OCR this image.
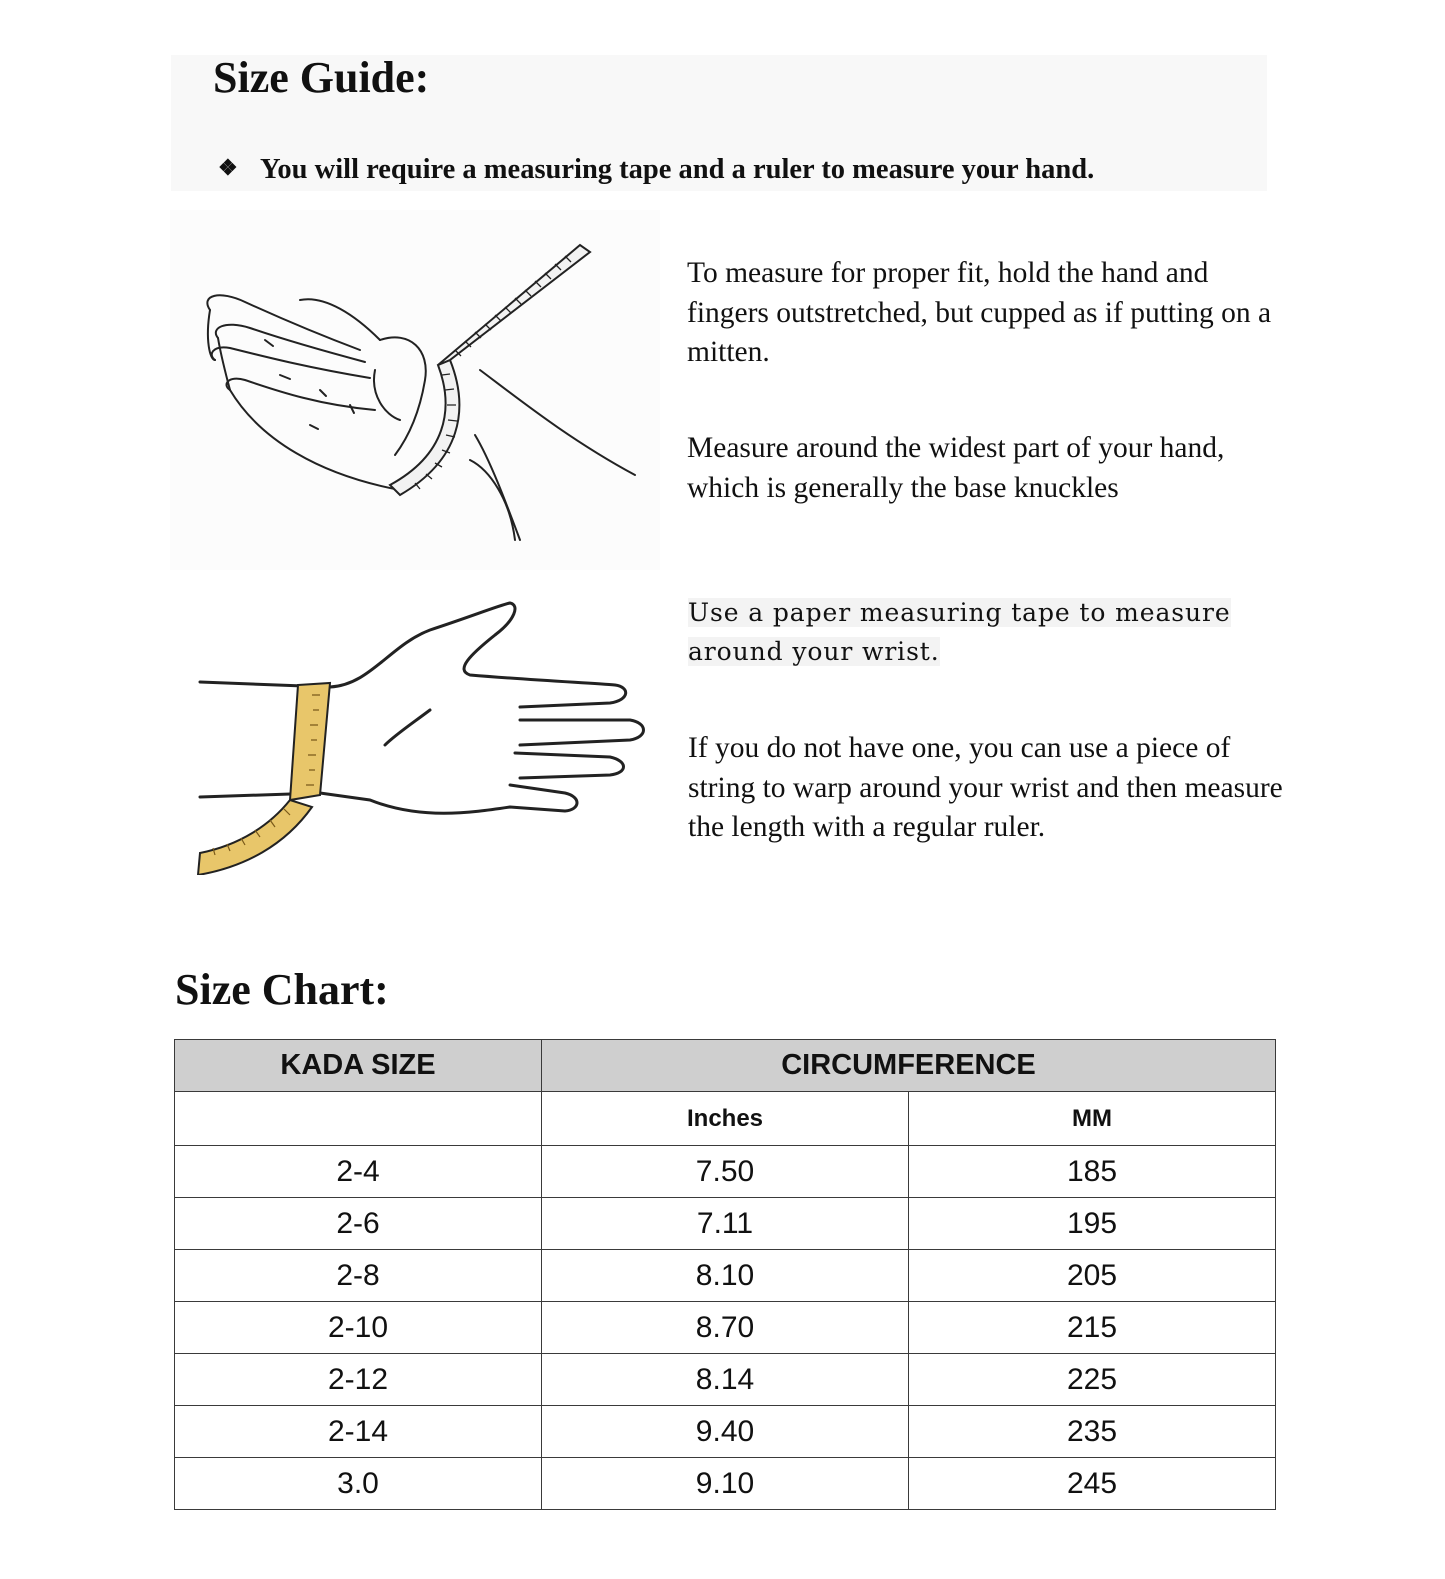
Size Guide:
❖ You will require a measuring tape and a ruler to measure your hand.

To measure for proper fit, hold the hand and fingers outstretched, but cupped as if putting on a mitten.

Measure around the widest part of your hand, which is generally the base knuckles

Use a paper measuring tape to measure around your wrist.

If you do not have one, you can use a piece of string to warp around your wrist and then measure the length with a regular ruler.

Size Chart:
KADA SIZE	CIRCUMFERENCE	
	Inches	MM
2-4	7.50	185
2-6	7.11	195
2-8	8.10	205
2-10	8.70	215
2-12	8.14	225
2-14	9.40	235
3.0	9.10	245
